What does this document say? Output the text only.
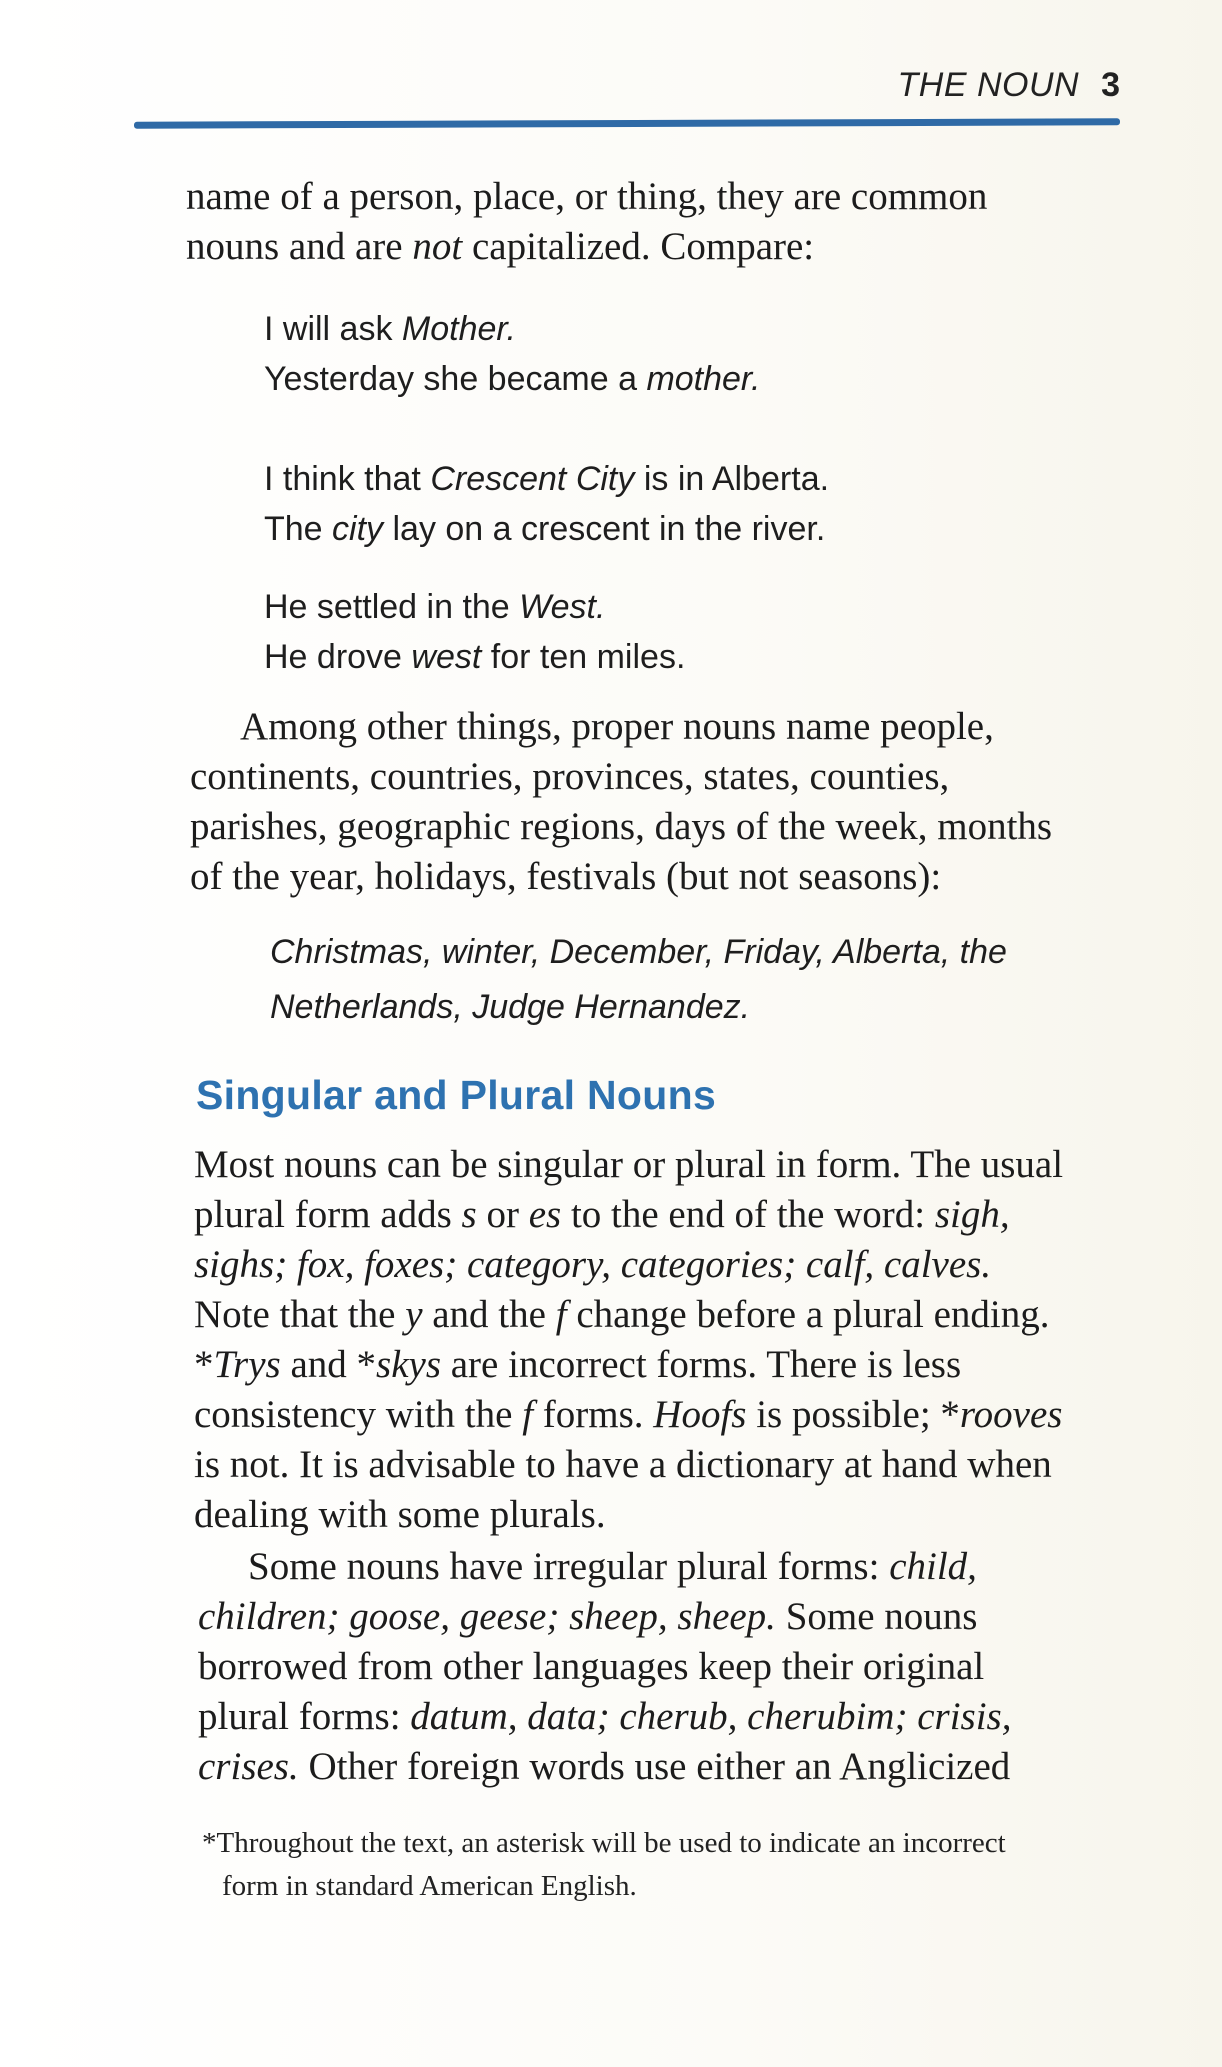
THE NOUN 3

name of a person, place, or thing, they are common

nouns and are not capitalized. Compare:

I will ask Mother.

Yesterday she became a mother.

I think that Crescent City is in Alberta.

The city lay on a crescent in the river.

He settled in the West.

He drove west for ten miles.

Among other things, proper nouns name people,

continents, countries, provinces, states, counties,

parishes, geographic regions, days of the week, months

of the year, holidays, festivals (but not seasons):

Christmas, winter, December, Friday, Alberta, the

Netherlands, Judge Hernandez.

Singular and Plural Nouns

Most nouns can be singular or plural in form. The usual

plural form adds s or es to the end of the word: sigh,

sighs; fox, foxes; category, categories; calf, calves.

Note that the y and the f change before a plural ending.

*Trys and *skys are incorrect forms. There is less

consistency with the f forms. Hoofs is possible; *rooves

is not. It is advisable to have a dictionary at hand when

dealing with some plurals.

Some nouns have irregular plural forms: child,

children; goose, geese; sheep, sheep. Some nouns

borrowed from other languages keep their original

plural forms: datum, data; cherub, cherubim; crisis,

crises. Other foreign words use either an Anglicized

*Throughout the text, an asterisk will be used to indicate an incorrect

form in standard American English.
